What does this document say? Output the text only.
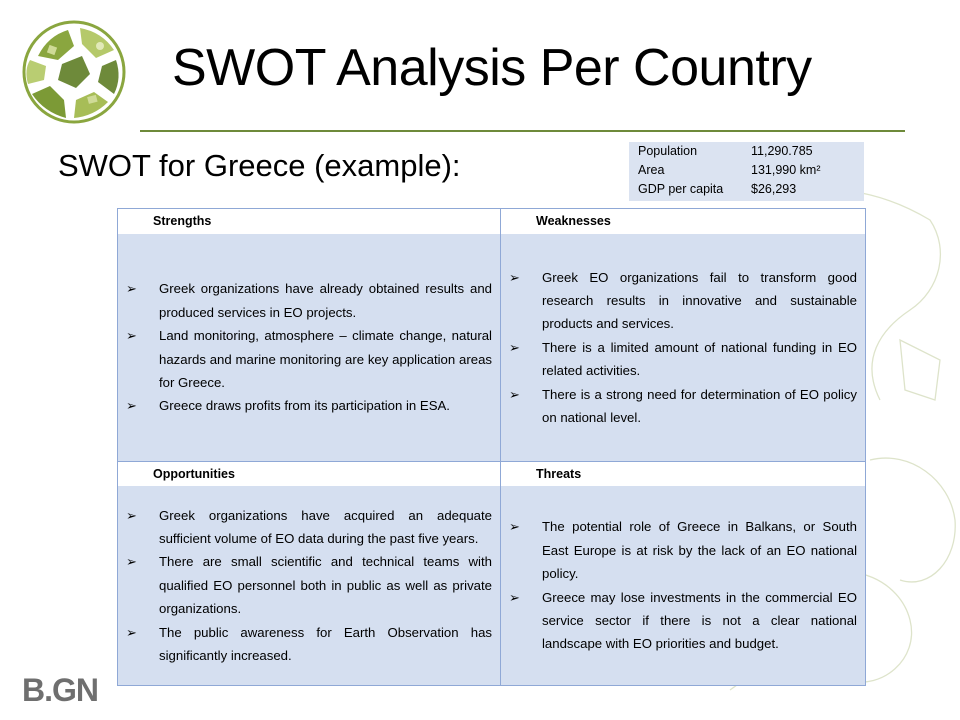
SWOT Analysis Per Country
SWOT for Greece (example):	Population	11,290.785
Area	131,990 km²
GDP per capita	$26,293
Strengths
➢ Greek organizations have already obtained results and produced services in EO projects.
➢ Land monitoring, atmosphere – climate change, natural hazards and marine monitoring are key application areas for Greece.
➢ Greece draws profits from its participation in ESA.
Weaknesses
➢ Greek EO organizations fail to transform good research results in innovative and sustainable products and services.
➢ There is a limited amount of national funding in EO related activities.
➢ There is a strong need for determination of EO policy on national level.
Opportunities
➢ Greek organizations have acquired an adequate sufficient volume of EO data during the past five years.
➢ There are small scientific and technical teams with qualified EO personnel both in public as well as private organizations.
➢ The public awareness for Earth Observation has significantly increased.
Threats
➢ The potential role of Greece in Balkans, or South East Europe is at risk by the lack of an EO national policy.
➢ Greece may lose investments in the commercial EO service sector if there is not a clear national landscape with EO priorities and budget.
B.GN
